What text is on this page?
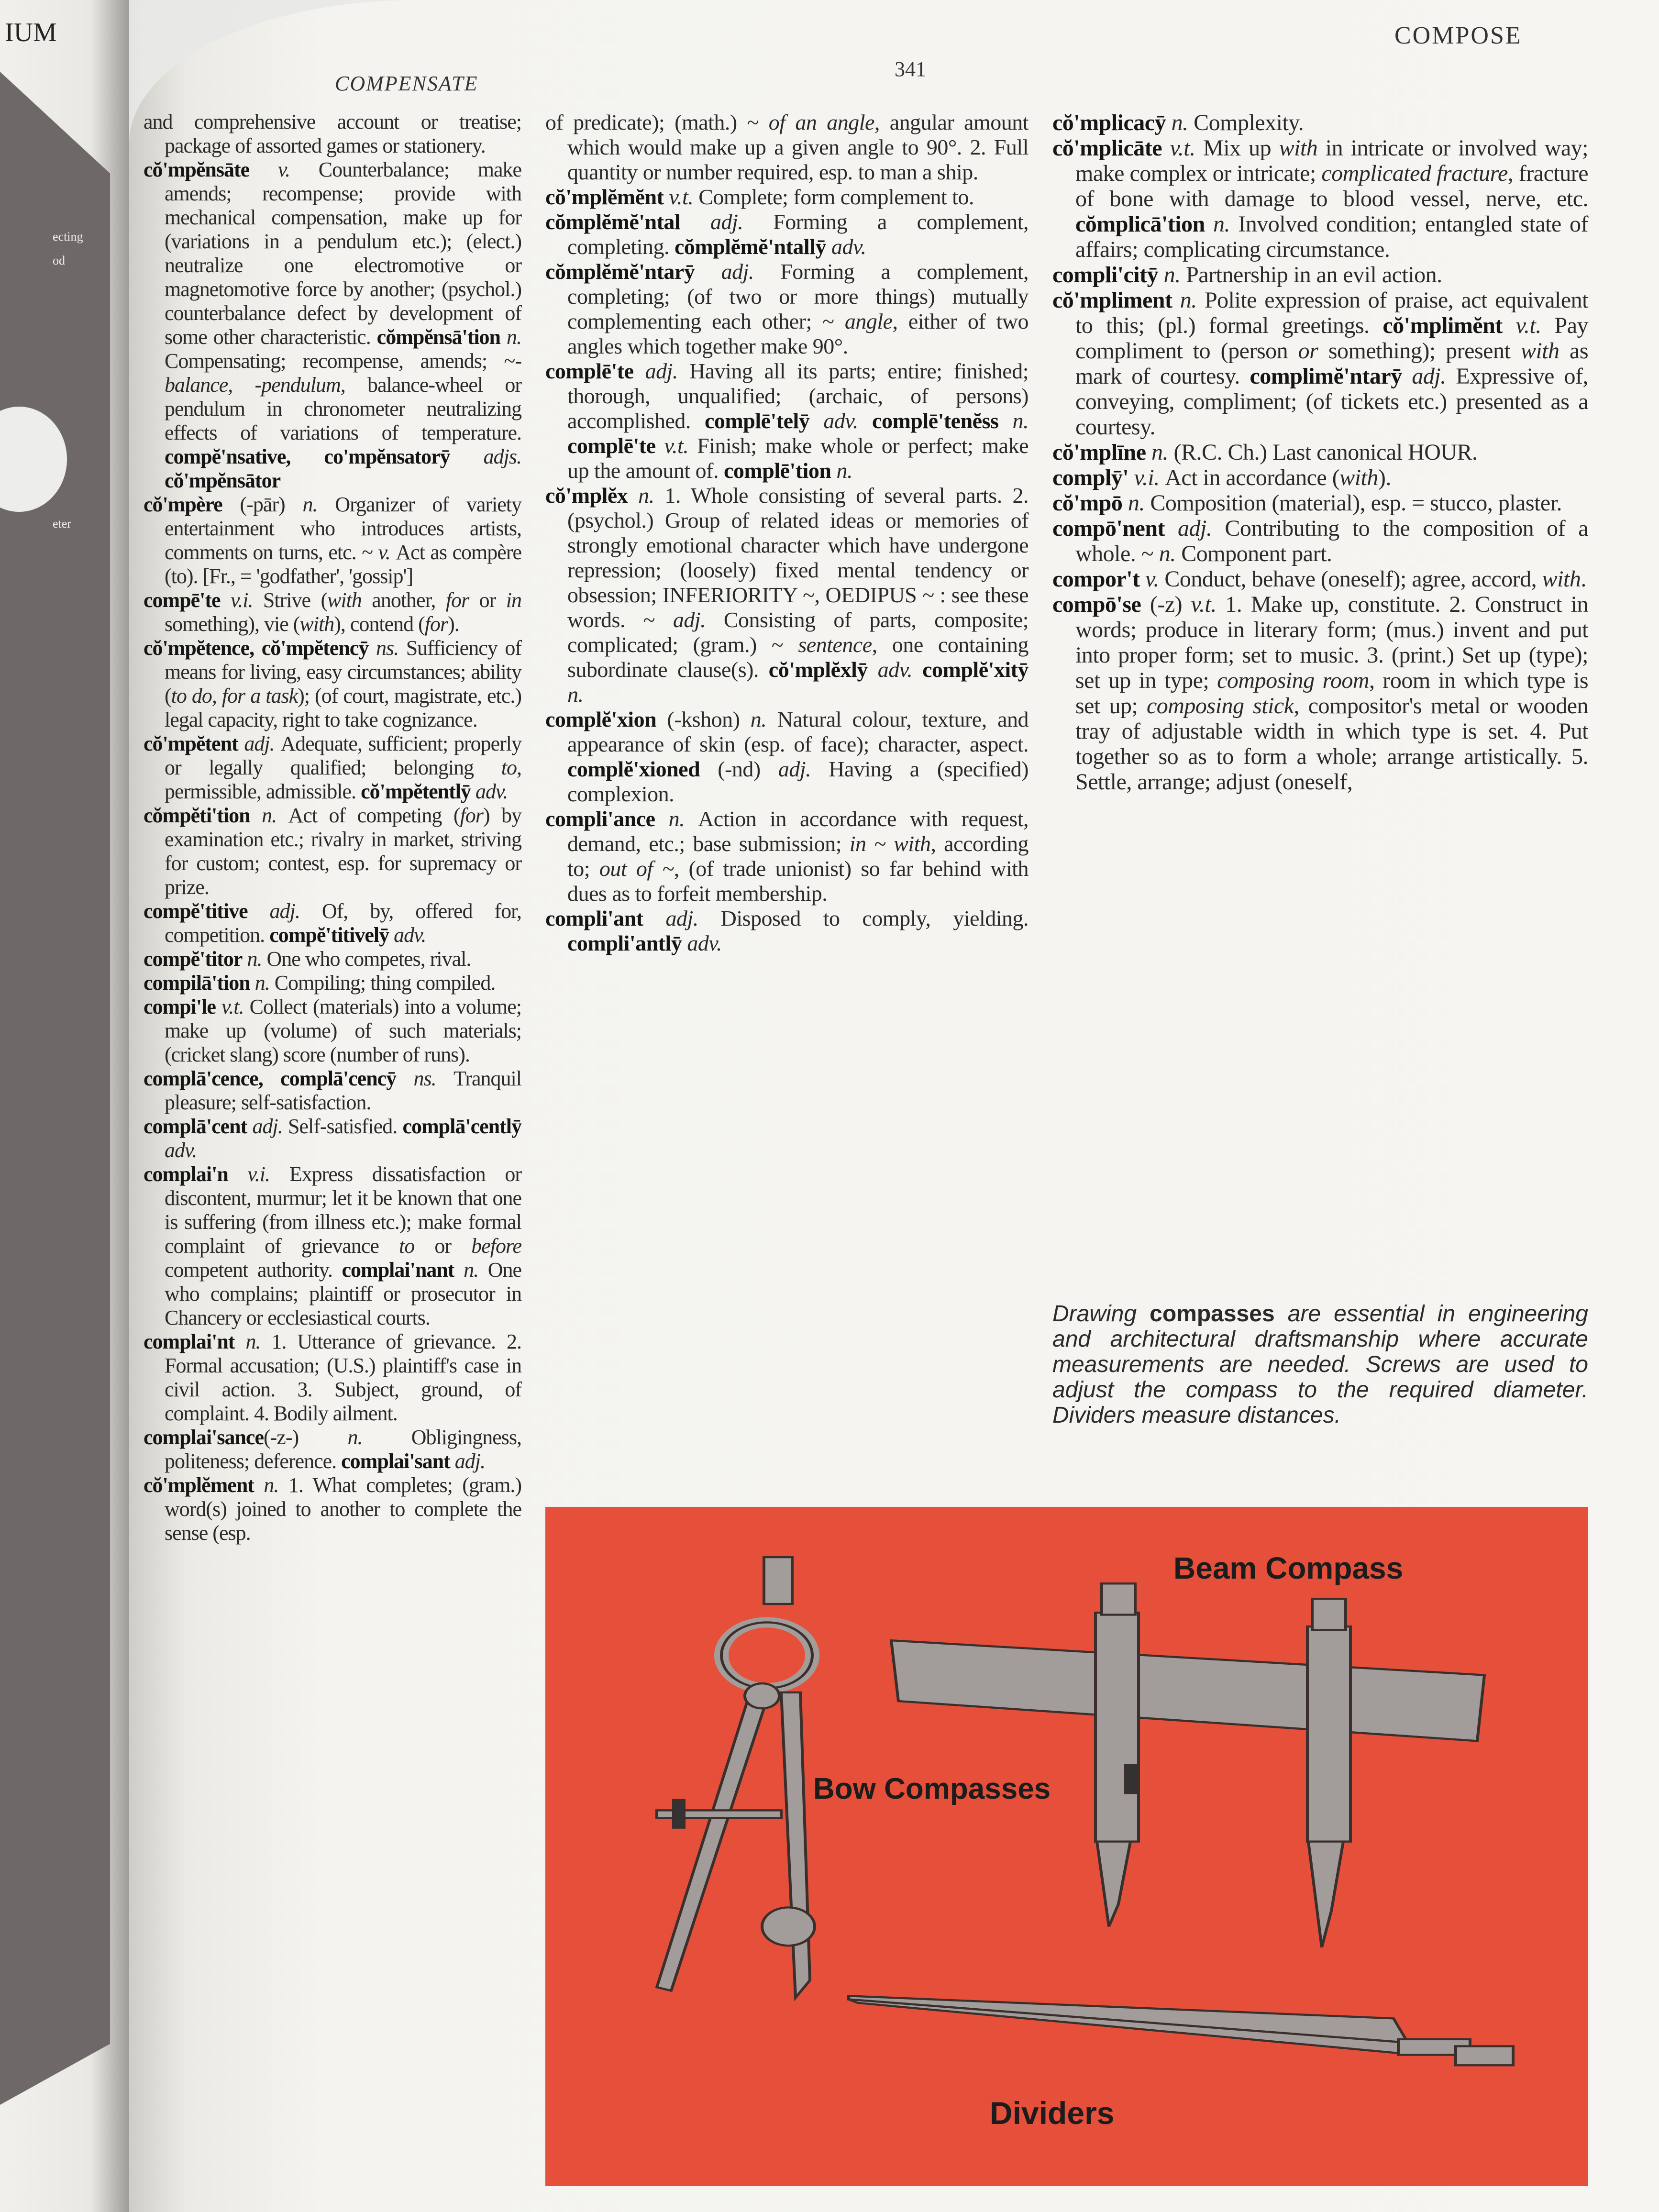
IUM
ecting
od
eter
COMPENSATE
341
COMPOSE

and comprehensive account or treatise; package of assorted games or stationery.

cŏ'mpĕnsāte v. Counterbalance; make amends; recompense; provide with mechanical compensation, make up for (variations in a pendulum etc.); (elect.) neutralize one electromotive or magnetomotive force by another; (psychol.) counterbalance defect by development of some other characteristic. cŏmpĕnsā'tion n. Compensating; recompense, amends; ~-balance, -pendulum, balance-wheel or pendulum in chronometer neutralizing effects of variations of temperature. compĕ'nsative, co'mpĕnsatorȳ adjs. cŏ'mpĕnsātor

cŏ'mpère (-pār) n. Organizer of variety entertainment who introduces artists, comments on turns, etc. ~ v. Act as compère (to). [Fr., = 'godfather', 'gossip']

compē'te v.i. Strive (with another, for or in something), vie (with), contend (for).

cŏ'mpĕtence, cŏ'mpĕtencȳ ns. Sufficiency of means for living, easy circumstances; ability (to do, for a task); (of court, magistrate, etc.) legal capacity, right to take cognizance.

cŏ'mpĕtent adj. Adequate, sufficient; properly or legally qualified; belonging to, permissible, admissible. cŏ'mpĕtentlȳ adv.

cŏmpĕti'tion n. Act of competing (for) by examination etc.; rivalry in market, striving for custom; contest, esp. for supremacy or prize.

compĕ'titive adj. Of, by, offered for, competition. compĕ'titivelȳ adv.

compĕ'titor n. One who competes, rival.

compilā'tion n. Compiling; thing compiled.

compi'le v.t. Collect (materials) into a volume; make up (volume) of such materials; (cricket slang) score (number of runs).

complā'cence, complā'cencȳ ns. Tranquil pleasure; self-satisfaction.

complā'cent adj. Self-satisfied. complā'centlȳ adv.

complai'n v.i. Express dissatisfaction or discontent, murmur; let it be known that one is suffering (from illness etc.); make formal complaint of grievance to or before competent authority. complai'nant n. One who complains; plaintiff or prosecutor in Chancery or ecclesiastical courts.

complai'nt n. 1. Utterance of grievance. 2. Formal accusation; (U.S.) plaintiff's case in civil action. 3. Subject, ground, of complaint. 4. Bodily ailment.

complai'sance(-z-) n. Obligingness, politeness; deference. complai'sant adj.

cŏ'mplĕment n. 1. What completes; (gram.) word(s) joined to another to complete the sense (esp.

of predicate); (math.) ~ of an angle, angular amount which would make up a given angle to 90°. 2. Full quantity or number required, esp. to man a ship.

cŏ'mplĕmĕnt v.t. Complete; form complement to.

cŏmplĕmĕ'ntal adj. Forming a complement, completing. cŏmplĕmĕ'ntallȳ adv.

cŏmplĕmĕ'ntarȳ adj. Forming a complement, completing; (of two or more things) mutually complementing each other; ~ angle, either of two angles which together make 90°.

complē'te adj. Having all its parts; entire; finished; thorough, unqualified; (archaic, of persons) accomplished. complē'telȳ adv. complē'tenĕss n. complē'te v.t. Finish; make whole or perfect; make up the amount of. complē'tion n.

cŏ'mplĕx n. 1. Whole consisting of several parts. 2. (psychol.) Group of related ideas or memories of strongly emotional character which have undergone repression; (loosely) fixed mental tendency or obsession; INFERIORITY ~, OEDIPUS ~ : see these words. ~ adj. Consisting of parts, composite; complicated; (gram.) ~ sentence, one containing subordinate clause(s). cŏ'mplĕxlȳ adv. complĕ'xitȳ n.

complĕ'xion (-kshon) n. Natural colour, texture, and appearance of skin (esp. of face); character, aspect. complĕ'xioned (-nd) adj. Having a (specified) complexion.

compli'ance n. Action in accordance with request, demand, etc.; base submission; in ~ with, according to; out of ~, (of trade unionist) so far behind with dues as to forfeit membership.

compli'ant adj. Disposed to comply, yielding. compli'antlȳ adv.

cŏ'mplicacȳ n. Complexity.

cŏ'mplicāte v.t. Mix up with in intricate or involved way; make complex or intricate; complicated fracture, fracture of bone with damage to blood vessel, nerve, etc. cŏmplicā'tion n. Involved condition; entangled state of affairs; complicating circumstance.

compli'citȳ n. Partnership in an evil action.

cŏ'mpliment n. Polite expression of praise, act equivalent to this; (pl.) formal greetings. cŏ'mplimĕnt v.t. Pay compliment to (person or something); present with as mark of courtesy. complimĕ'ntarȳ adj. Expressive of, conveying, compliment; (of tickets etc.) presented as a courtesy.

cŏ'mplīne n. (R.C. Ch.) Last canonical HOUR.

complȳ' v.i. Act in accordance (with).

cŏ'mpō n. Composition (material), esp. = stucco, plaster.

compō'nent adj. Contributing to the composition of a whole. ~ n. Component part.

compor't v. Conduct, behave (oneself); agree, accord, with.

compō'se (-z) v.t. 1. Make up, constitute. 2. Construct in words; produce in literary form; (mus.) invent and put into proper form; set to music. 3. (print.) Set up (type); set up in type; composing room, room in which type is set up; composing stick, compositor's metal or wooden tray of adjustable width in which type is set. 4. Put together so as to form a whole; arrange artistically. 5. Settle, arrange; adjust (oneself,

Drawing compasses are essential in engineering and architectural draftsmanship where accurate measurements are needed. Screws are used to adjust the compass to the required diameter. Dividers measure distances.
Beam Compass
Bow Compasses
Dividers
